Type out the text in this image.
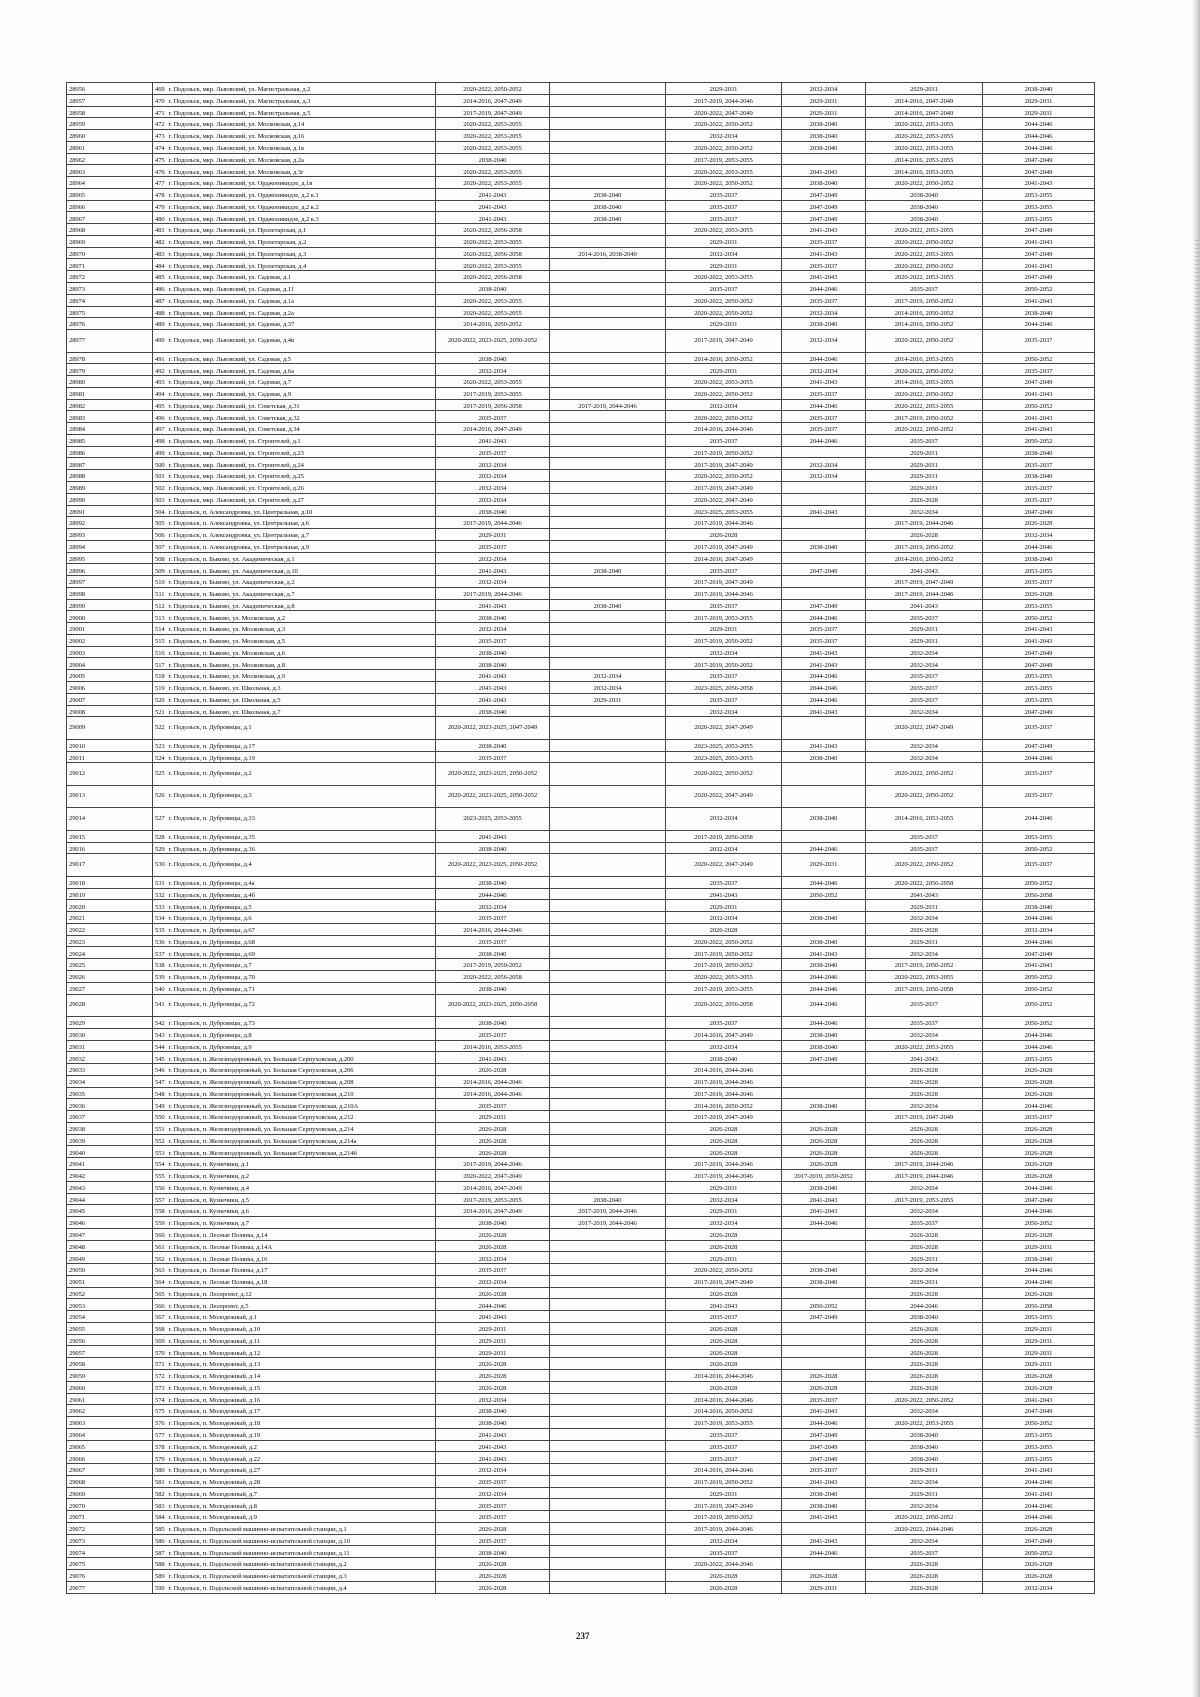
28956	469	г. Подольск, мкр. Львовский, ул. Магистральная, д.2	2020-2022, 2050-2052		2029-2031	2032-2034	2029-2031	2038-2040
28957	470	г. Подольск, мкр. Львовский, ул. Магистральная, д.3	2014-2016, 2047-2049		2017-2019, 2044-2046	2029-2031	2014-2016, 2047-2049	2029-2031
28958	471	г. Подольск, мкр. Львовский, ул. Магистральная, д.5	2017-2019, 2047-2049		2020-2022, 2047-2049	2029-2031	2014-2016, 2047-2049	2029-2031
28959	472	г. Подольск, мкр. Львовский, ул. Московская, д.14	2020-2022, 2053-2055		2020-2022, 2050-2052	2038-2040	2020-2022, 2053-2055	2044-2046
28960	473	г. Подольск, мкр. Львовский, ул. Московская, д.16	2020-2022, 2053-2055		2032-2034	2038-2040	2020-2022, 2053-2055	2044-2046
28961	474	г. Подольск, мкр. Львовский, ул. Московская, д.1в	2020-2022, 2053-2055		2020-2022, 2050-2052	2038-2040	2020-2022, 2053-2055	2044-2046
28962	475	г. Подольск, мкр. Львовский, ул. Московская, д.2а	2038-2040		2017-2019, 2053-2055		2014-2016, 2053-2055	2047-2049
28963	476	г. Подольск, мкр. Львовский, ул. Московская, д.3г	2020-2022, 2053-2055		2020-2022, 2053-2055	2041-2043	2014-2016, 2053-2055	2047-2049
28964	477	г. Подольск, мкр. Львовский, ул. Орджоникидзе, д.1в	2020-2022, 2053-2055		2020-2022, 2050-2052	2038-2040	2020-2022, 2050-2052	2041-2043
28965	478	г. Подольск, мкр. Львовский, ул. Орджоникидзе, д.2 к.1	2041-2043	2038-2040	2035-2037	2047-2049	2038-2040	2053-2055
28966	479	г. Подольск, мкр. Львовский, ул. Орджоникидзе, д.2 к.2	2041-2043	2038-2040	2035-2037	2047-2049	2038-2040	2053-2055
28967	480	г. Подольск, мкр. Львовский, ул. Орджоникидзе, д.2 к.3	2041-2043	2038-2040	2035-2037	2047-2049	2038-2040	2053-2055
28968	481	г. Подольск, мкр. Львовский, ул. Пролетарская, д.1	2020-2022, 2056-2058		2020-2022, 2053-2055	2041-2043	2020-2022, 2053-2055	2047-2049
28969	482	г. Подольск, мкр. Львовский, ул. Пролетарская, д.2	2020-2022, 2053-2055		2029-2031	2035-2037	2020-2022, 2050-2052	2041-2043
28970	483	г. Подольск, мкр. Львовский, ул. Пролетарская, д.3	2020-2022, 2056-2058	2014-2016, 2038-2040	2032-2034	2041-2043	2020-2022, 2053-2055	2047-2049
28971	484	г. Подольск, мкр. Львовский, ул. Пролетарская, д.4	2020-2022, 2053-2055		2029-2031	2035-2037	2020-2022, 2050-2052	2041-2043
28972	485	г. Подольск, мкр. Львовский, ул. Садовая, д.1	2020-2022, 2056-2058		2020-2022, 2053-2055	2041-2043	2020-2022, 2053-2055	2047-2049
28973	486	г. Подольск, мкр. Львовский, ул. Садовая, д.11	2038-2040		2035-2037	2044-2046	2035-2037	2050-2052
28974	487	г. Подольск, мкр. Львовский, ул. Садовая, д.1а	2020-2022, 2053-2055		2020-2022, 2050-2052	2035-2037	2017-2019, 2050-2052	2041-2043
28975	488	г. Подольск, мкр. Львовский, ул. Садовая, д.2а	2020-2022, 2053-2055		2020-2022, 2050-2052	2032-2034	2014-2016, 2050-2052	2038-2040
28976	489	г. Подольск, мкр. Львовский, ул. Садовая, д.37	2014-2016, 2050-2052		2029-2031	2038-2040	2014-2016, 2050-2052	2044-2046
28977	490	г. Подольск, мкр. Львовский, ул. Садовая, д.4в	2020-2022, 2023-2025, 2050-2052		2017-2019, 2047-2049	2032-2034	2020-2022, 2050-2052	2035-2037
28978	491	г. Подольск, мкр. Львовский, ул. Садовая, д.5	2038-2040		2014-2016, 2050-2052	2044-2046	2014-2016, 2053-2055	2050-2052
28979	492	г. Подольск, мкр. Львовский, ул. Садовая, д.6а	2032-2034		2029-2031	2032-2034	2020-2022, 2050-2052	2035-2037
28980	493	г. Подольск, мкр. Львовский, ул. Садовая, д.7	2020-2022, 2053-2055		2020-2022, 2053-2055	2041-2043	2014-2016, 2053-2055	2047-2049
28981	494	г. Подольск, мкр. Львовский, ул. Садовая, д.9	2017-2019, 2053-2055		2020-2022, 2050-2052	2035-2037	2020-2022, 2050-2052	2041-2043
28982	495	г. Подольск, мкр. Львовский, ул. Советская, д.31	2017-2019, 2056-2058	2017-2019, 2044-2046	2032-2034	2044-2046	2020-2022, 2053-2055	2050-2052
28983	496	г. Подольск, мкр. Львовский, ул. Советская, д.32	2035-2037		2020-2022, 2050-2052	2035-2037	2017-2019, 2050-2052	2041-2043
28984	497	г. Подольск, мкр. Львовский, ул. Советская, д.34	2014-2016, 2047-2049		2014-2016, 2044-2046	2035-2037	2020-2022, 2050-2052	2041-2043
28985	498	г. Подольск, мкр. Львовский, ул. Строителей, д.1	2041-2043		2035-2037	2044-2046	2035-2037	2050-2052
28986	499	г. Подольск, мкр. Львовский, ул. Строителей, д.23	2035-2037		2017-2019, 2050-2052		2029-2031	2038-2040
28987	500	г. Подольск, мкр. Львовский, ул. Строителей, д.24	2032-2034		2017-2019, 2047-2049	2032-2034	2029-2031	2035-2037
28988	501	г. Подольск, мкр. Львовский, ул. Строителей, д.25	2032-2034		2020-2022, 2050-2052	2032-2034	2029-2031	2038-2040
28989	502	г. Подольск, мкр. Львовский, ул. Строителей, д.26	2032-2034		2017-2019, 2047-2049		2029-2031	2035-2037
28990	503	г. Подольск, мкр. Львовский, ул. Строителей, д.27	2032-2034		2020-2022, 2047-2049		2026-2028	2035-2037
28991	504	г. Подольск, п. Александровка, ул. Центральная, д.10	2038-2040		2023-2025, 2053-2055	2041-2043	2032-2034	2047-2049
28992	505	г. Подольск, п. Александровка, ул. Центральная, д.6	2017-2019, 2044-2046		2017-2019, 2044-2046		2017-2019, 2044-2046	2026-2028
28993	506	г. Подольск, п. Александровка, ул. Центральная, д.7	2029-2031		2026-2028		2026-2028	2032-2034
28994	507	г. Подольск, п. Александровка, ул. Центральная, д.9	2035-2037		2017-2019, 2047-2049	2038-2040	2017-2019, 2050-2052	2044-2046
28995	508	г. Подольск, п. Быково, ул. Академическая, д.1	2032-2034		2014-2016, 2047-2049		2014-2016, 2050-2052	2038-2040
28996	509	г. Подольск, п. Быково, ул. Академическая, д.10	2041-2043	2038-2040	2035-2037	2047-2049	2041-2043	2053-2055
28997	510	г. Подольск, п. Быково, ул. Академическая, д.2	2032-2034		2017-2019, 2047-2049		2017-2019, 2047-2049	2035-2037
28998	511	г. Подольск, п. Быково, ул. Академическая, д.7	2017-2019, 2044-2046		2017-2019, 2044-2046		2017-2019, 2044-2046	2026-2028
28999	512	г. Подольск, п. Быково, ул. Академическая, д.8	2041-2043	2038-2040	2035-2037	2047-2049	2041-2043	2053-2055
29000	513	г. Подольск, п. Быково, ул. Московская, д.2	2038-2040		2017-2019, 2053-2055	2044-2046	2035-2037	2050-2052
29001	514	г. Подольск, п. Быково, ул. Московская, д.3	2032-2034		2029-2031	2035-2037	2029-2031	2041-2043
29002	515	г. Подольск, п. Быково, ул. Московская, д.5	2035-2037		2017-2019, 2050-2052	2035-2037	2029-2031	2041-2043
29003	516	г. Подольск, п. Быково, ул. Московская, д.6	2038-2040		2032-2034	2041-2043	2032-2034	2047-2049
29004	517	г. Подольск, п. Быково, ул. Московская, д.8	2038-2040		2017-2019, 2050-2052	2041-2043	2032-2034	2047-2049
29005	518	г. Подольск, п. Быково, ул. Московская, д.9	2041-2043	2032-2034	2035-2037	2044-2046	2035-2037	2053-2055
29006	519	г. Подольск, п. Быково, ул. Школьная, д.3	2041-2043	2032-2034	2023-2025, 2056-2058	2044-2046	2035-2037	2053-2055
29007	520	г. Подольск, п. Быково, ул. Школьная, д.5	2041-2043	2029-2031	2035-2037	2044-2046	2035-2037	2053-2055
29008	521	г. Подольск, п. Быково, ул. Школьная, д.7	2038-2040		2032-2034	2041-2043	2032-2034	2047-2049
29009	522	г. Подольск, п. Дубровицы, д.1	2020-2022, 2023-2025, 2047-2049		2020-2022, 2047-2049		2020-2022, 2047-2049	2035-2037
29010	523	г. Подольск, п. Дубровицы, д.17	2038-2040		2023-2025, 2053-2055	2041-2043	2032-2034	2047-2049
29011	524	г. Подольск, п. Дубровицы, д.19	2035-2037		2023-2025, 2053-2055	2038-2040	2032-2034	2044-2046
29012	525	г. Подольск, п. Дубровицы, д.2	2020-2022, 2023-2025, 2050-2052		2020-2022, 2050-2052		2020-2022, 2050-2052	2035-2037
29013	526	г. Подольск, п. Дубровицы, д.3	2020-2022, 2023-2025, 2050-2052		2020-2022, 2047-2049		2020-2022, 2050-2052	2035-2037
29014	527	г. Подольск, п. Дубровицы, д.33	2023-2025, 2053-2055		2032-2034	2038-2040	2014-2016, 2053-2055	2044-2046
29015	528	г. Подольск, п. Дубровицы, д.35	2041-2043		2017-2019, 2056-2058		2035-2037	2053-2055
29016	529	г. Подольск, п. Дубровицы, д.36	2038-2040		2032-2034	2044-2046	2035-2037	2050-2052
29017	530	г. Подольск, п. Дубровицы, д.4	2020-2022, 2023-2025, 2050-2052		2020-2022, 2047-2049	2029-2031	2020-2022, 2050-2052	2035-2037
29018	531	г. Подольск, п. Дубровицы, д.4а	2038-2040		2035-2037	2044-2046	2020-2022, 2056-2058	2050-2052
29019	532	г. Подольск, п. Дубровицы, д.4б	2044-2046		2041-2043	2050-2052	2041-2043	2056-2058
29020	533	г. Подольск, п. Дубровицы, д.5	2032-2034		2029-2031		2029-2031	2038-2040
29021	534	г. Подольск, п. Дубровицы, д.6	2035-2037		2032-2034	2038-2040	2032-2034	2044-2046
29022	535	г. Подольск, п. Дубровицы, д.67	2014-2016, 2044-2046		2026-2028		2026-2028	2032-2034
29023	536	г. Подольск, п. Дубровицы, д.68	2035-2037		2020-2022, 2050-2052	2038-2040	2029-2031	2044-2046
29024	537	г. Подольск, п. Дубровицы, д.69	2038-2040		2017-2019, 2050-2052	2041-2043	2032-2034	2047-2049
29025	538	г. Подольск, п. Дубровицы, д.7	2017-2019, 2050-2052		2017-2019, 2050-2052	2038-2040	2017-2019, 2050-2052	2041-2043
29026	539	г. Подольск, п. Дубровицы, д.70	2020-2022, 2056-2058		2020-2022, 2053-2055	2044-2046	2020-2022, 2053-2055	2050-2052
29027	540	г. Подольск, п. Дубровицы, д.71	2038-2040		2017-2019, 2053-2055	2044-2046	2017-2019, 2056-2058	2050-2052
29028	541	г. Подольск, п. Дубровицы, д.72	2020-2022, 2023-2025, 2056-2058		2020-2022, 2056-2058	2044-2046	2035-2037	2050-2052
29029	542	г. Подольск, п. Дубровицы, д.73	2038-2040		2035-2037	2044-2046	2035-2037	2050-2052
29030	543	г. Подольск, п. Дубровицы, д.8	2035-2037		2014-2016, 2047-2049	2038-2040	2032-2034	2044-2046
29031	544	г. Подольск, п. Дубровицы, д.9	2014-2016, 2053-2055		2032-2034	2038-2040	2020-2022, 2053-2055	2044-2046
29032	545	г. Подольск, п. Железнодорожный, ул. Большая Серпуховская, д.200	2041-2043		2038-2040	2047-2049	2041-2043	2053-2055
29033	546	г. Подольск, п. Железнодорожный, ул. Большая Серпуховская, д.206	2026-2028		2014-2016, 2044-2046		2026-2028	2026-2028
29034	547	г. Подольск, п. Железнодорожный, ул. Большая Серпуховская, д.208	2014-2016, 2044-2046		2017-2019, 2044-2046		2026-2028	2026-2028
29035	548	г. Подольск, п. Железнодорожный, ул. Большая Серпуховская, д.210	2014-2016, 2044-2046		2017-2019, 2044-2046		2026-2028	2026-2028
29036	549	г. Подольск, п. Железнодорожный, ул. Большая Серпуховская, д.210А	2035-2037		2014-2016, 2050-2052	2038-2040	2032-2034	2044-2046
29037	550	г. Подольск, п. Железнодорожный, ул. Большая Серпуховская, д.212	2029-2031		2017-2019, 2047-2049		2017-2019, 2047-2049	2035-2037
29038	551	г. Подольск, п. Железнодорожный, ул. Большая Серпуховская, д.214	2026-2028		2026-2028	2026-2028	2026-2028	2026-2028
29039	552	г. Подольск, п. Железнодорожный, ул. Большая Серпуховская, д.214а	2026-2028		2026-2028	2026-2028	2026-2028	2026-2028
29040	553	г. Подольск, п. Железнодорожный, ул. Большая Серпуховская, д.214б	2026-2028		2026-2028	2026-2028	2026-2028	2026-2028
29041	554	г. Подольск, п. Кузнечики, д.1	2017-2019, 2044-2046		2017-2019, 2044-2046	2026-2028	2017-2019, 2044-2046	2026-2028
29042	555	г. Подольск, п. Кузнечики, д.2	2020-2022, 2047-2049		2017-2019, 2044-2046	2017-2019, 2050-2052	2017-2019, 2044-2046	2026-2028
29043	556	г. Подольск, п. Кузнечики, д.4	2014-2016, 2047-2049		2029-2031	2038-2040	2032-2034	2044-2046
29044	557	г. Подольск, п. Кузнечики, д.5	2017-2019, 2053-2055	2038-2040	2032-2034	2041-2043	2017-2019, 2053-2055	2047-2049
29045	558	г. Подольск, п. Кузнечики, д.6	2014-2016, 2047-2049	2017-2019, 2044-2046	2029-2031	2041-2043	2032-2034	2044-2046
29046	559	г. Подольск, п. Кузнечики, д.7	2038-2040	2017-2019, 2044-2046	2032-2034	2044-2046	2035-2037	2050-2052
29047	560	г. Подольск, п. Лесные Поляны, д.14	2026-2028		2026-2028		2026-2028	2026-2028
29048	561	г. Подольск, п. Лесные Поляны, д.14А	2026-2028		2026-2028		2026-2028	2029-2031
29049	562	г. Подольск, п. Лесные Поляны, д.16	2032-2034		2029-2031		2029-2031	2038-2040
29050	563	г. Подольск, п. Лесные Поляны, д.17	2035-2037		2020-2022, 2050-2052	2038-2040	2032-2034	2044-2046
29051	564	г. Подольск, п. Лесные Поляны, д.18	2032-2034		2017-2019, 2047-2049	2038-2040	2029-2031	2044-2046
29052	565	г. Подольск, п. Леспроект, д.12	2026-2028		2026-2028		2026-2028	2026-2028
29053	566	г. Подольск, п. Леспроект, д.5	2044-2046		2041-2043	2050-2052	2044-2046	2056-2058
29054	567	г. Подольск, п. Молодежный, д.1	2041-2043		2035-2037	2047-2049	2038-2040	2053-2055
29055	568	г. Подольск, п. Молодежный, д.10	2029-2031		2026-2028		2026-2028	2029-2031
29056	569	г. Подольск, п. Молодежный, д.11	2029-2031		2026-2028		2026-2028	2029-2031
29057	570	г. Подольск, п. Молодежный, д.12	2029-2031		2026-2028		2026-2028	2029-2031
29058	571	г. Подольск, п. Молодежный, д.13	2026-2028		2026-2028		2026-2028	2029-2031
29059	572	г. Подольск, п. Молодежный, д.14	2026-2028		2014-2016, 2044-2046	2026-2028	2026-2028	2026-2028
29060	573	г. Подольск, п. Молодежный, д.15	2026-2028		2026-2028	2026-2028	2026-2028	2026-2028
29061	574	г. Подольск, п. Молодежный, д.16	2032-2034		2014-2016, 2044-2046	2035-2037	2020-2022, 2050-2052	2041-2043
29062	575	г. Подольск, п. Молодежный, д.17	2038-2040		2014-2016, 2050-2052	2041-2043	2032-2034	2047-2049
29063	576	г. Подольск, п. Молодежный, д.18	2038-2040		2017-2019, 2053-2055	2044-2046	2020-2022, 2053-2055	2050-2052
29064	577	г. Подольск, п. Молодежный, д.19	2041-2043		2035-2037	2047-2049	2038-2040	2053-2055
29065	578	г. Подольск, п. Молодежный, д.2	2041-2043		2035-2037	2047-2049	2038-2040	2053-2055
29066	579	г. Подольск, п. Молодежный, д.22	2041-2043		2035-2037	2047-2049	2038-2040	2053-2055
29067	580	г. Подольск, п. Молодежный, д.27	2032-2034		2014-2016, 2044-2046	2035-2037	2029-2031	2041-2043
29068	581	г. Подольск, п. Молодежный, д.28	2035-2037		2017-2019, 2050-2052	2041-2043	2032-2034	2044-2046
29069	582	г. Подольск, п. Молодежный, д.7	2032-2034		2029-2031	2038-2040	2029-2031	2041-2043
29070	583	г. Подольск, п. Молодежный, д.8	2035-2037		2017-2019, 2047-2049	2038-2040	2032-2034	2044-2046
29071	584	г. Подольск, п. Молодежный, д.9	2035-2037		2017-2019, 2050-2052	2041-2043	2020-2022, 2050-2052	2044-2046
29072	585	г. Подольск, п. Подольской машинно-испытательной станции, д.1	2026-2028		2017-2019, 2044-2046		2020-2022, 2044-2046	2026-2028
29073	586	г. Подольск, п. Подольской машинно-испытательной станции, д.10	2035-2037		2032-2034	2041-2043	2032-2034	2047-2049
29074	587	г. Подольск, п. Подольской машинно-испытательной станции, д.11	2038-2040		2035-2037	2044-2046	2035-2037	2050-2052
29075	588	г. Подольск, п. Подольской машинно-испытательной станции, д.2	2026-2028		2020-2022, 2044-2046		2026-2028	2026-2028
29076	589	г. Подольск, п. Подольской машинно-испытательной станции, д.3	2026-2028		2026-2028	2026-2028	2026-2028	2026-2028
29077	590	г. Подольск, п. Подольской машинно-испытательной станции, д.4	2026-2028		2026-2028	2029-2031	2026-2028	2032-2034
237
